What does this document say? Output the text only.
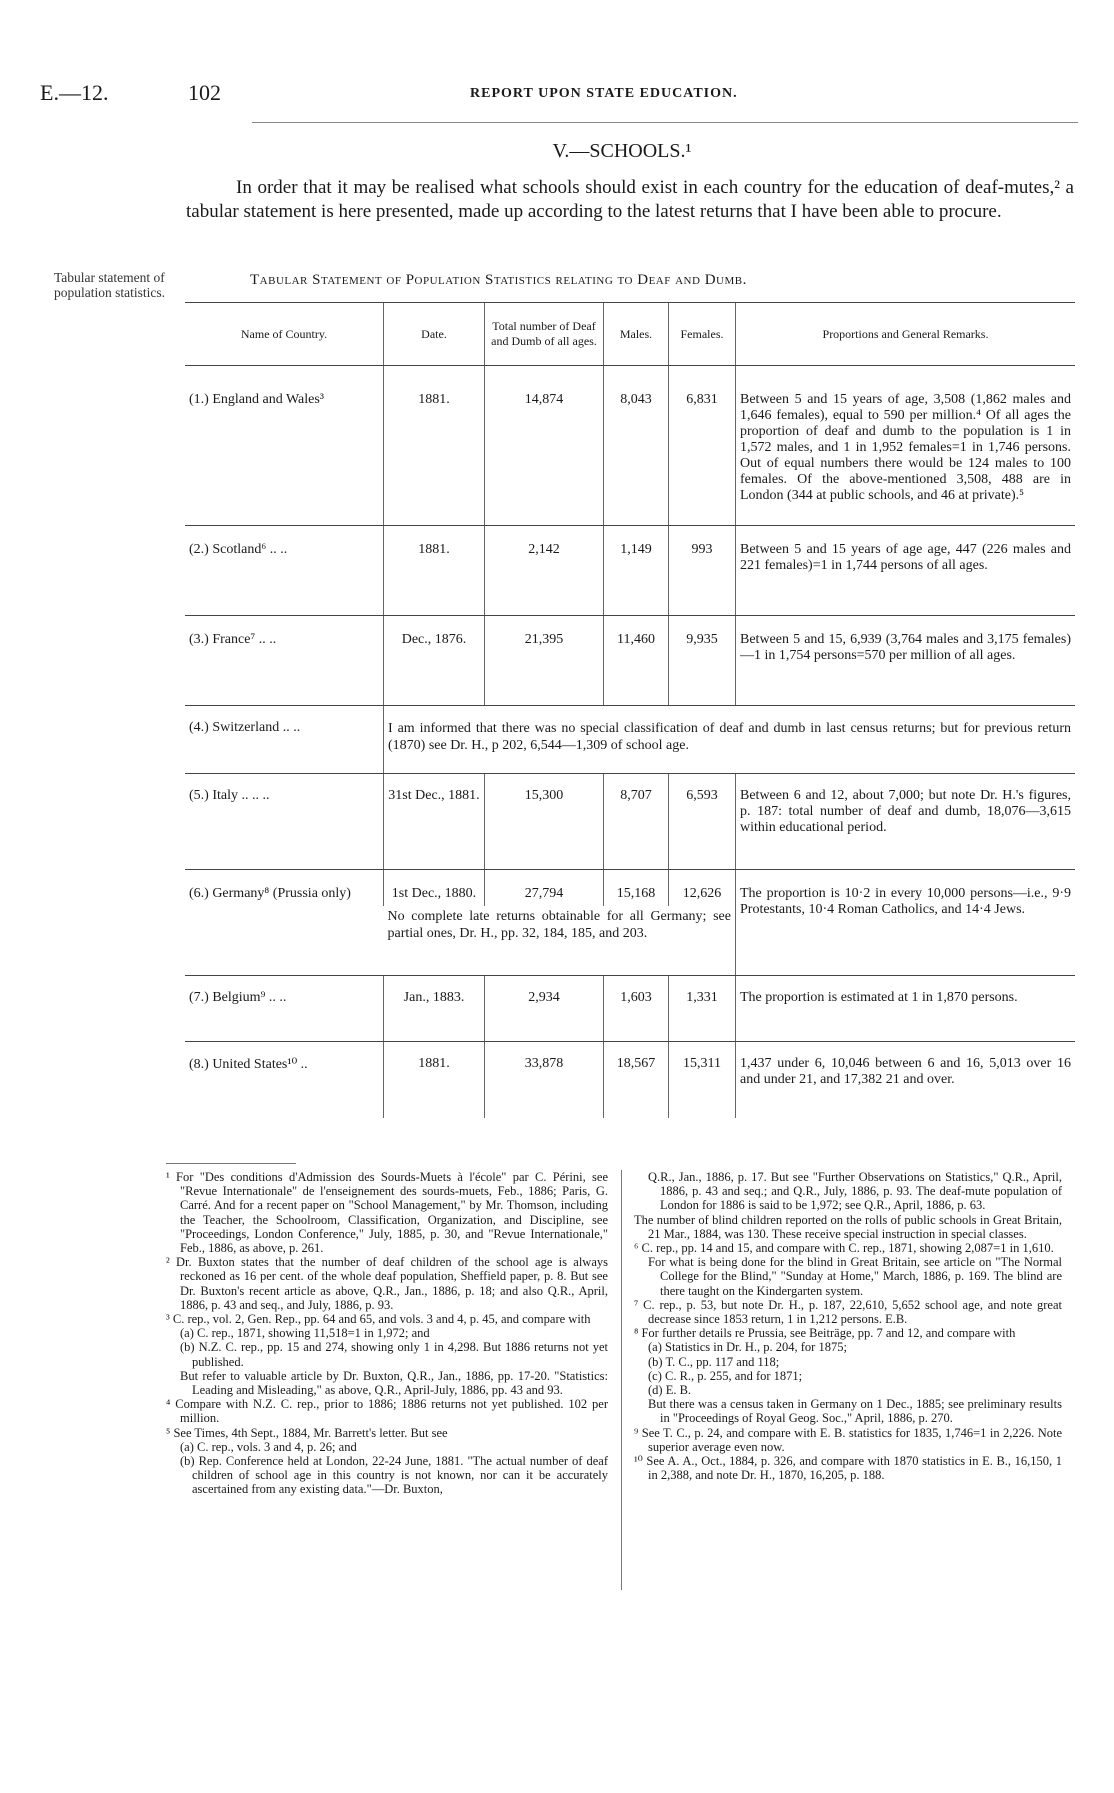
E.—12.	102	REPORT UPON STATE EDUCATION.
V.—SCHOOLS.¹
In order that it may be realised what schools should exist in each country for the education of deaf-mutes,² a tabular statement is here presented, made up according to the latest returns that I have been able to procure.
Tabular statement of population statistics.
Tabular Statement of Population Statistics relating to Deaf and Dumb.
Name of Country.	Date.	Total number of Deaf and Dumb of all ages.	Males.	Females.	Proportions and General Remarks.
(1.) England and Wales³	1881.	14,874	8,043	6,831	Between 5 and 15 years of age, 3,508 (1,862 males and 1,646 females), equal to 590 per million.⁴ Of all ages the proportion of deaf and dumb to the population is 1 in 1,572 males, and 1 in 1,952 females=1 in 1,746 persons. Out of equal numbers there would be 124 males to 100 females. Of the above-mentioned 3,508, 488 are in London (344 at public schools, and 46 at private).⁵
(2.) Scotland⁶ .. ..	1881.	2,142	1,149	993	Between 5 and 15 years of age age, 447 (226 males and 221 females)=1 in 1,744 persons of all ages.
(3.) France⁷ .. ..	Dec., 1876.	21,395	11,460	9,935	Between 5 and 15, 6,939 (3,764 males and 3,175 females)—1 in 1,754 persons=570 per million of all ages.
(4.) Switzerland .. ..	I am informed that there was no special classification of deaf and dumb in last census returns; but for previous return (1870) see Dr. H., p 202, 6,544—1,309 of school age.				
(5.) Italy .. .. ..	31st Dec., 1881.	15,300	8,707	6,593	Between 6 and 12, about 7,000; but note Dr. H.'s figures, p. 187: total number of deaf and dumb, 18,076—3,615 within educational period.
(6.) Germany⁸ (Prussia only)	1st Dec., 1880.	27,794	15,168	12,626	The proportion is 10·2 in every 10,000 persons—i.e., 9·9 Protestants, 10·4 Roman Catholics, and 14·4 Jews.
	No complete late returns obtainable for all Germany; see partial ones, Dr. H., pp. 32, 184, 185, and 203.				
(7.) Belgium⁹ .. ..	Jan., 1883.	2,934	1,603	1,331	The proportion is estimated at 1 in 1,870 persons.
(8.) United States¹⁰ ..	1881.	33,878	18,567	15,311	1,437 under 6, 10,046 between 6 and 16, 5,013 over 16 and under 21, and 17,382 21 and over.

¹ For "Des conditions d'Admission des Sourds-Muets à l'école" par C. Périni, see "Revue Internationale" de l'enseignement des sourds-muets, Feb., 1886; Paris, G. Carré. And for a recent paper on "School Management," by Mr. Thomson, including the Teacher, the Schoolroom, Classification, Organization, and Discipline, see "Proceedings, London Conference," July, 1885, p. 30, and "Revue Internationale," Feb., 1886, as above, p. 261.

² Dr. Buxton states that the number of deaf children of the school age is always reckoned as 16 per cent. of the whole deaf population, Sheffield paper, p. 8. But see Dr. Buxton's recent article as above, Q.R., Jan., 1886, p. 18; and also Q.R., April, 1886, p. 43 and seq., and July, 1886, p. 93.

³ C. rep., vol. 2, Gen. Rep., pp. 64 and 65, and vols. 3 and 4, p. 45, and compare with

(a) C. rep., 1871, showing 11,518=1 in 1,972; and

(b) N.Z. C. rep., pp. 15 and 274, showing only 1 in 4,298. But 1886 returns not yet published.

But refer to valuable article by Dr. Buxton, Q.R., Jan., 1886, pp. 17-20. "Statistics: Leading and Misleading," as above, Q.R., April-July, 1886, pp. 43 and 93.

⁴ Compare with N.Z. C. rep., prior to 1886; 1886 returns not yet published. 102 per million.

⁵ See Times, 4th Sept., 1884, Mr. Barrett's letter. But see

(a) C. rep., vols. 3 and 4, p. 26; and

(b) Rep. Conference held at London, 22-24 June, 1881. "The actual number of deaf children of school age in this country is not known, nor can it be accurately ascertained from any existing data."—Dr. Buxton,

Q.R., Jan., 1886, p. 17. But see "Further Observations on Statistics," Q.R., April, 1886, p. 43 and seq.; and Q.R., July, 1886, p. 93. The deaf-mute population of London for 1886 is said to be 1,972; see Q.R., April, 1886, p. 63.

The number of blind children reported on the rolls of public schools in Great Britain, 21 Mar., 1884, was 130. These receive special instruction in special classes.

⁶ C. rep., pp. 14 and 15, and compare with C. rep., 1871, showing 2,087=1 in 1,610.

For what is being done for the blind in Great Britain, see article on "The Normal College for the Blind," "Sunday at Home," March, 1886, p. 169. The blind are there taught on the Kindergarten system.

⁷ C. rep., p. 53, but note Dr. H., p. 187, 22,610, 5,652 school age, and note great decrease since 1853 return, 1 in 1,212 persons. E.B.

⁸ For further details re Prussia, see Beiträge, pp. 7 and 12, and compare with

(a) Statistics in Dr. H., p. 204, for 1875;

(b) T. C., pp. 117 and 118;

(c) C. R., p. 255, and for 1871;

(d) E. B.

But there was a census taken in Germany on 1 Dec., 1885; see preliminary results in "Proceedings of Royal Geog. Soc.," April, 1886, p. 270.

⁹ See T. C., p. 24, and compare with E. B. statistics for 1835, 1,746=1 in 2,226. Note superior average even now.

¹⁰ See A. A., Oct., 1884, p. 326, and compare with 1870 statistics in E. B., 16,150, 1 in 2,388, and note Dr. H., 1870, 16,205, p. 188.
